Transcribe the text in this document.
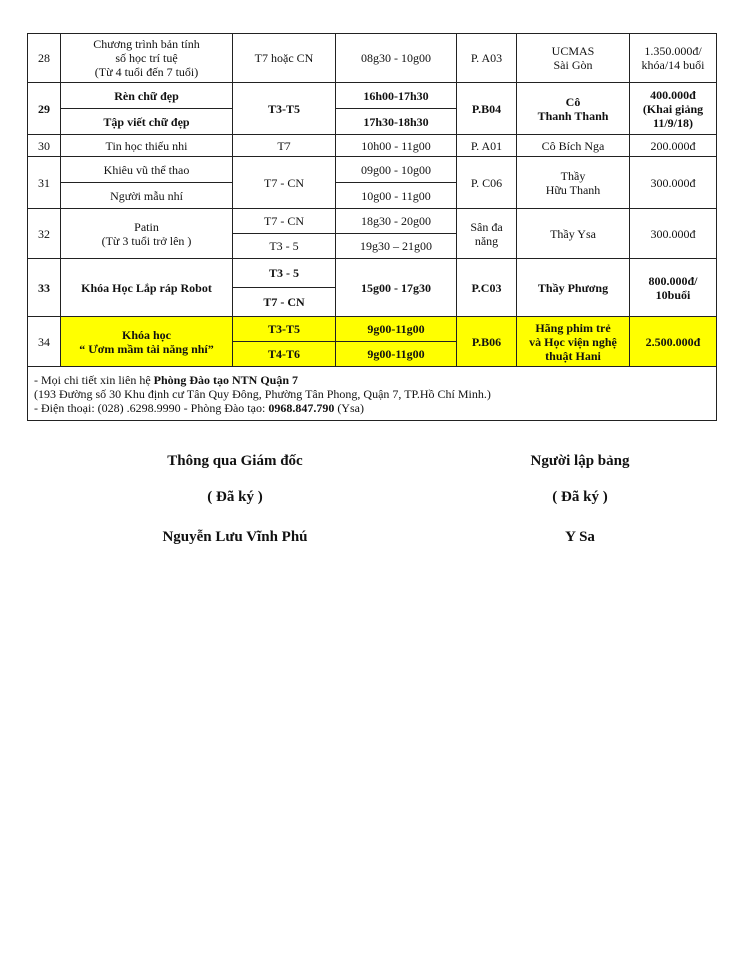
28	Chương trình bản tính
số học trí tuệ
(Từ 4 tuổi đến 7 tuổi)	T7 hoặc CN	08g30 - 10g00	P. A03	UCMAS
Sài Gòn	1.350.000đ/
khóa/14 buổi

29	Rèn chữ đẹp	T3-T5	16h00-17h30	P.B04	Cô
Thanh Thanh	400.000đ
(Khai giảng
11/9/18)

	Tập viết chữ đẹp		17h30-18h30			
30	Tin học thiếu nhi	T7	10h00 - 11g00	P. A01	Cô Bích Nga	200.000đ
31	Khiêu vũ thể thao	T7 - CN	09g00 - 10g00	P. C06	Thầy
Hữu Thanh	300.000đ
	Người mẫu nhí		10g00 - 11g00			
32	Patin
(Từ 3 tuổi trở lên )	T7 - CN	18g30 - 20g00	Sân đa
năng	Thầy Ysa	300.000đ
		T3 - 5	19g30 – 21g00			
33	Khóa Học Lắp ráp Robot	T3 - 5	15g00 - 17g30	P.C03	Thầy Phương	800.000đ/
10buổi

		T7 - CN				
34	Khóa học
“ Ươm mầm tài năng nhí”	T3-T5	9g00-11g00	P.B06	Hãng phim trẻ
và Học viện nghệ
thuật Hani	2.500.000đ
		T4-T6	9g00-11g00			

- Mọi chi tiết xin liên hệ Phòng Đào tạo NTN Quận 7
(193 Đường số 30 Khu định cư Tân Quy Đông, Phường Tân Phong, Quận 7, TP.Hồ Chí Minh.)
- Điện thoại: (028) .6298.9990 - Phòng Đào tạo: 0968.847.790 (Ysa)						
Thông qua Giám đốc
( Đã ký )
Nguyễn Lưu Vĩnh Phú
Người lập bảng
( Đã ký )
Y Sa
